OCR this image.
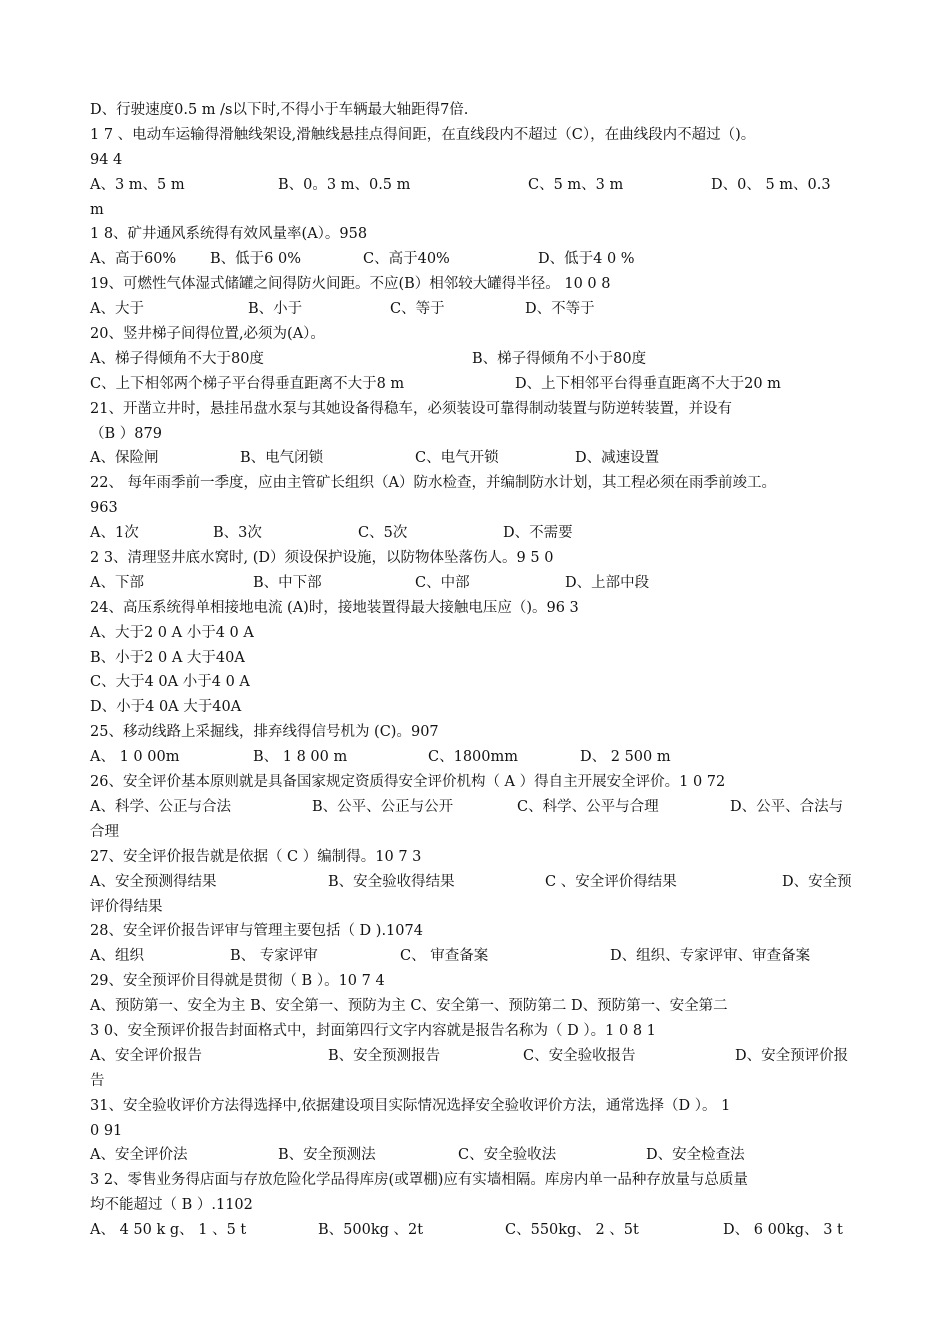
D、行驶速度0.5 m /s以下时,不得小于车辆最大轴距得7倍.
1 7 、电动车运输得滑触线架设,滑触线悬挂点得间距，在直线段内不超过（C），在曲线段内不超过（)。
94 4
A、3 m、5 m	B、0。3 m、0.5 m	C、5 m、3 m	D、0、 5 m、0.3
m
1 8、矿井通风系统得有效风量率(A）。958
A、高于60%	B、低于6 0%	C、高于40%	D、低于4 0 %
19、可燃性气体湿式储罐之间得防火间距。不应(B）相邻较大罐得半径。 10 0 8
A、大于	B、小于	C、等于	D、不等于
20、竖井梯子间得位置,必须为(A）。
A、梯子得倾角不大于80度	B、梯子得倾角不小于80度
C、上下相邻两个梯子平台得垂直距离不大于8 m	D、上下相邻平台得垂直距离不大于20 m
21、开凿立井时，悬挂吊盘水泵与其她设备得稳车，必须装设可靠得制动装置与防逆转装置，并设有
（B ）879
A、保险闸	B、电气闭锁	C、电气开锁	D、减速设置
22、 每年雨季前一季度，应由主管矿长组织（A）防水检查，并编制防水计划，其工程必须在雨季前竣工。
963
A、1次	B、3次	C、5次	D、不需要
2 3、清理竖井底水窝时, (D）须设保护设施，以防物体坠落伤人。9 5 0
A、下部	B、中下部	C、中部	D、上部中段
24、高压系统得单相接地电流 (A)时，接地装置得最大接触电压应（)。96 3
A、大于2 0 A 小于4 0 A
B、小于2 0 A 大于40A
C、大于4 0A 小于4 0 A
D、小于4 0A 大于40A
25、移动线路上采掘线，排弃线得信号机为 (C)。907
A、 1 0 00m	B、 1 8 00 m	C、1800mm	D、 2 500 m
26、安全评价基本原则就是具备国家规定资质得安全评价机构（ A ）得自主开展安全评价。1 0 72
A、科学、公正与合法	B、公平、公正与公开	C、科学、公平与合理	D、公平、合法与
合理
27、安全评价报告就是依据（ C ）编制得。10 7 3
A、安全预测得结果	B、安全验收得结果	C 、安全评价得结果	D、安全预
评价得结果
28、安全评价报告评审与管理主要包括（ D ).1074
A、组织	B、 专家评审	C、 审查备案	D、组织、专家评审、审查备案
29、安全预评价目得就是贯彻（ B ）。10 7 4
A、预防第一、安全为主 B、安全第一、预防为主 C、安全第一、预防第二 D、预防第一、安全第二
3 0、安全预评价报告封面格式中，封面第四行文字内容就是报告名称为（ D ）。1 0 8 1
A、安全评价报告	B、安全预测报告	C、安全验收报告	D、安全预评价报
告
31、安全验收评价方法得选择中,依据建设项目实际情况选择安全验收评价方法，通常选择（D ）。 1
0 91
A、安全评价法	B、安全预测法	C、安全验收法	D、安全检查法
3 2、零售业务得店面与存放危险化学品得库房(或罩棚)应有实墙相隔。库房内单一品种存放量与总质量
均不能超过（ B ）.1102
A、 4 50 k g、 1 、5 t	B、500kg 、2t	C、550kg、 2 、5t	D、 6 00kg、 3 t
